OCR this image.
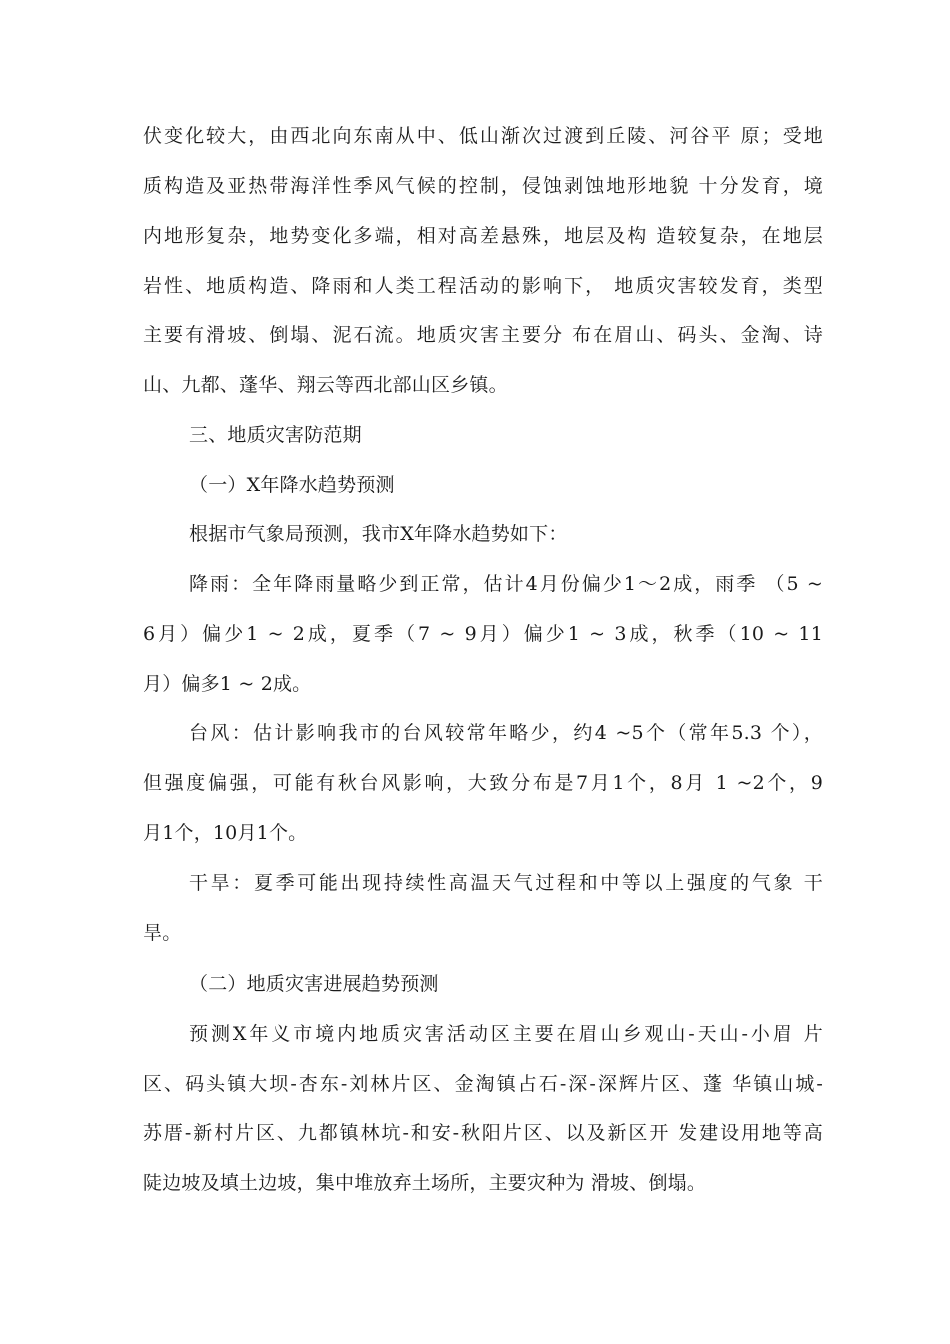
伏变化较大，由西北向东南从中、低山渐次过渡到丘陵、河谷平 原；受地
质构造及亚热带海洋性季风气候的控制，侵蚀剥蚀地形地貌 十分发育，境
内地形复杂，地势变化多端，相对高差悬殊，地层及构 造较复杂，在地层
岩性、地质构造、降雨和人类工程活动的影响下， 地质灾害较发育，类型
主要有滑坡、倒塌、泥石流。地质灾害主要分 布在眉山、码头、金淘、诗
山、九都、蓬华、翔云等西北部山区乡镇。
三、地质灾害防范期
（一）X年降水趋势预测
根据市气象局预测，我市X年降水趋势如下：
降雨：全年降雨量略少到正常，估计4月份偏少1〜2成，雨季 （5 ~
6月）偏少1 ~ 2成，夏季（7 ~ 9月）偏少1 ~ 3成，秋季（10 ~ 11
月）偏多1 ~ 2成。
台风：估计影响我市的台风较常年略少，约4 ~5个（常年5.3 个），
但强度偏强，可能有秋台风影响，大致分布是7月1个，8月 1 ~2个，9
月1个，10月1个。
干旱：夏季可能出现持续性高温天气过程和中等以上强度的气象 干
旱。
（二）地质灾害进展趋势预测
预测X年义市境内地质灾害活动区主要在眉山乡观山-天山-小眉 片
区、码头镇大坝-杏东-刘林片区、金淘镇占石-深-深辉片区、蓬 华镇山城-
苏厝-新村片区、九都镇林坑-和安-秋阳片区、以及新区开 发建设用地等高
陡边坡及填土边坡，集中堆放弃土场所，主要灾种为 滑坡、倒塌。
